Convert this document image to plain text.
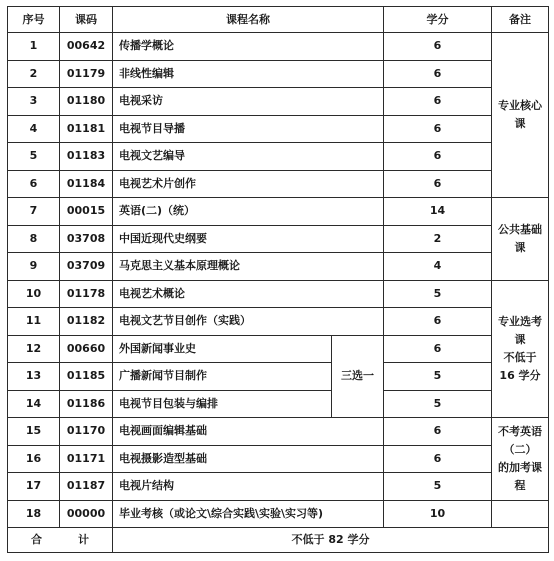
序号	课码	课程名称		学分	备注
1	00642	传播学概论		6	专业核心课
2	01179	非线性编辑		6	
3	01180	电视采访		6	
4	01181	电视节目导播		6	
5	01183	电视文艺编导		6	
6	01184	电视艺术片创作		6	
7	00015	英语(二)（统）		14	公共基础课
8	03708	中国近现代史纲要		2	
9	03709	马克思主义基本原理概论		4	
10	01178	电视艺术概论		5	专业选考课
不低于 16 学分

11	01182	电视文艺节目创作（实践）		6	
12	00660	外国新闻事业史	三选一	6	
13	01185	广播新闻节目制作		5	
14	01186	电视节目包装与编排		5	
15	01170	电视画面编辑基础		6	不考英语（二）
的加考课程

16	01171	电视摄影造型基础		6	
17	01187	电视片结构		5	
18	00000	毕业考核（或论文\综合实践\实验\实习等)		10	
合 计		不低于 82 学分			
